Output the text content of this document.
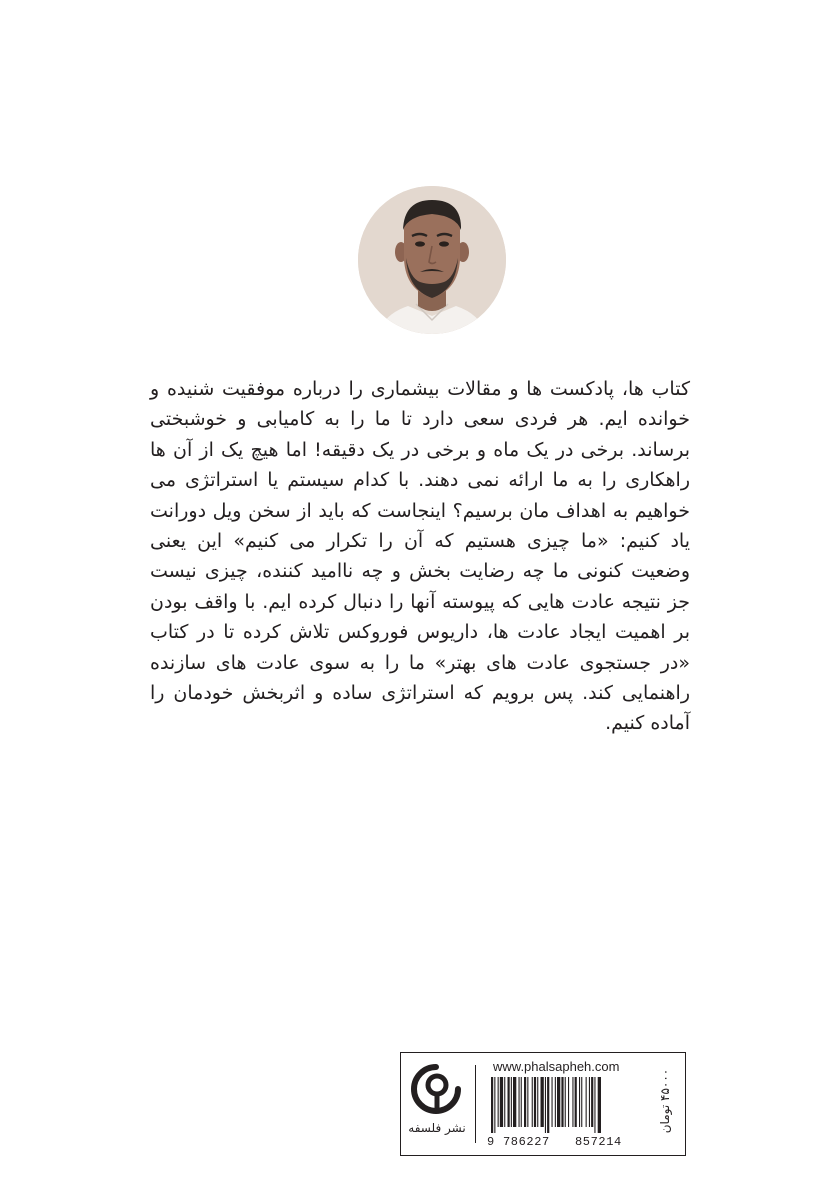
کتاب ها، پادکست ها و مقالات بیشماری را درباره موفقیت شنیده و خوانده ایم. هر فردی سعی دارد تا ما را به کامیابی و خوشبختی برساند. برخی در یک ماه و برخی در یک دقیقه! اما هیچ یک از آن ها راهکاری را به ما ارائه نمی دهند. با کدام سیستم یا استراتژی می خواهیم به اهداف مان برسیم؟ اینجاست که باید از سخن ویل دورانت یاد کنیم: «ما چیزی هستیم که آن را تکرار می کنیم» این یعنی وضعیت کنونی ما چه رضایت بخش و چه ناامید کننده، چیزی نیست جز نتیجه عادت هایی که پیوسته آنها را دنبال کرده ایم. با واقف بودن بر اهمیت ایجاد عادت ها، داریوس فوروکس تلاش کرده تا در کتاب «در جستجوی عادت های بهتر» ما را به سوی عادت های سازنده راهنمایی کند. پس برویم که استراتژی ساده و اثربخش خودمان را آماده کنیم.

نشر فلسفه
www.phalsapheh.com
9 786227 857214
۴۵۰۰۰ تومان
